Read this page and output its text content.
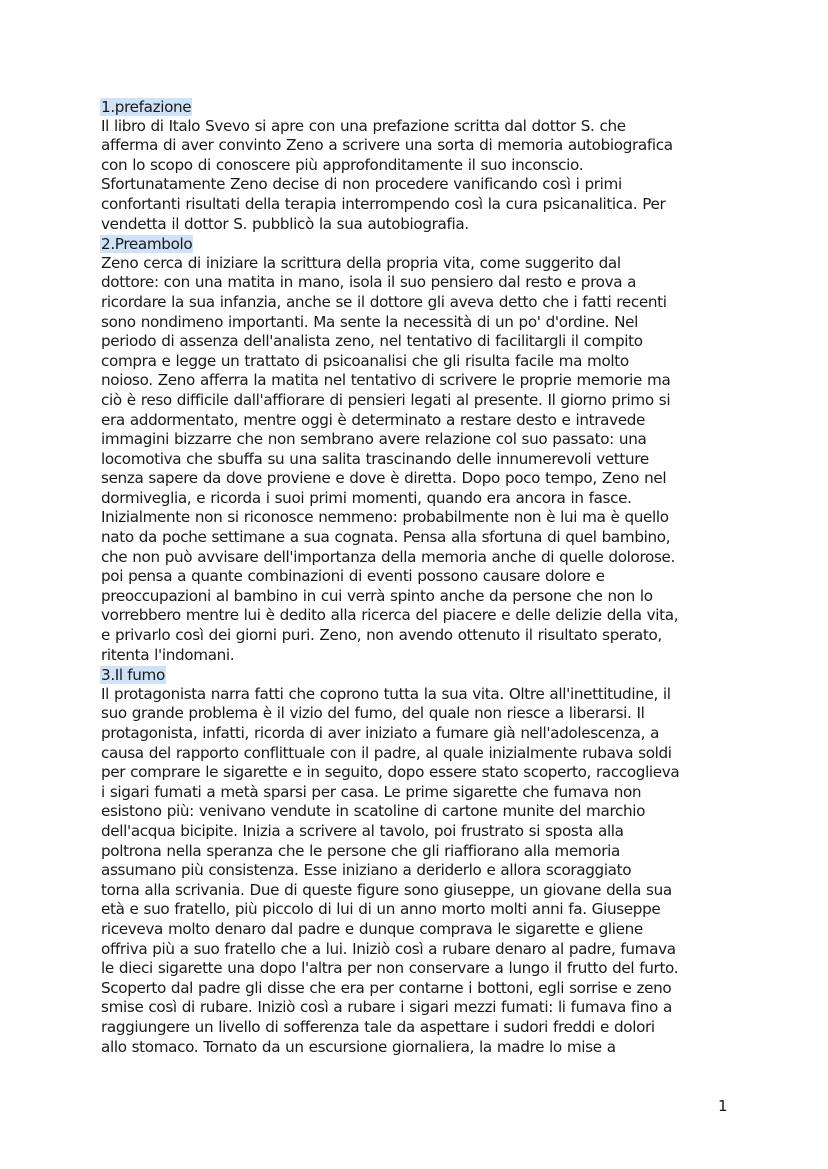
1.prefazione
Il libro di Italo Svevo si apre con una prefazione scritta dal dottor S. che
afferma di aver convinto Zeno a scrivere una sorta di memoria autobiografica
con lo scopo di conoscere più approfonditamente il suo inconscio.
Sfortunatamente Zeno decise di non procedere vanificando così i primi
confortanti risultati della terapia interrompendo così la cura psicanalitica. Per
vendetta il dottor S. pubblicò la sua autobiografia.
2.Preambolo
Zeno cerca di iniziare la scrittura della propria vita, come suggerito dal
dottore: con una matita in mano, isola il suo pensiero dal resto e prova a
ricordare la sua infanzia, anche se il dottore gli aveva detto che i fatti recenti
sono nondimeno importanti. Ma sente la necessità di un po' d'ordine. Nel
periodo di assenza dell'analista zeno, nel tentativo di facilitargli il compito
compra e legge un trattato di psicoanalisi che gli risulta facile ma molto
noioso. Zeno afferra la matita nel tentativo di scrivere le proprie memorie ma
ciò è reso difficile dall'affiorare di pensieri legati al presente. Il giorno primo si
era addormentato, mentre oggi è determinato a restare desto e intravede
immagini bizzarre che non sembrano avere relazione col suo passato: una
locomotiva che sbuffa su una salita trascinando delle innumerevoli vetture
senza sapere da dove proviene e dove è diretta. Dopo poco tempo, Zeno nel
dormiveglia, e ricorda i suoi primi momenti, quando era ancora in fasce.
Inizialmente non si riconosce nemmeno: probabilmente non è lui ma è quello
nato da poche settimane a sua cognata. Pensa alla sfortuna di quel bambino,
che non può avvisare dell'importanza della memoria anche di quelle dolorose.
poi pensa a quante combinazioni di eventi possono causare dolore e
preoccupazioni al bambino in cui verrà spinto anche da persone che non lo
vorrebbero mentre lui è dedito alla ricerca del piacere e delle delizie della vita,
e privarlo così dei giorni puri. Zeno, non avendo ottenuto il risultato sperato,
ritenta l'indomani.
3.Il fumo
Il protagonista narra fatti che coprono tutta la sua vita. Oltre all'inettitudine, il
suo grande problema è il vizio del fumo, del quale non riesce a liberarsi. Il
protagonista, infatti, ricorda di aver iniziato a fumare già nell'adolescenza, a
causa del rapporto conflittuale con il padre, al quale inizialmente rubava soldi
per comprare le sigarette e in seguito, dopo essere stato scoperto, raccoglieva
i sigari fumati a metà sparsi per casa. Le prime sigarette che fumava non
esistono più: venivano vendute in scatoline di cartone munite del marchio
dell'acqua bicipite. Inizia a scrivere al tavolo, poi frustrato si sposta alla
poltrona nella speranza che le persone che gli riaffiorano alla memoria
assumano più consistenza. Esse iniziano a deriderlo e allora scoraggiato
torna alla scrivania. Due di queste figure sono giuseppe, un giovane della sua
età e suo fratello, più piccolo di lui di un anno morto molti anni fa. Giuseppe
riceveva molto denaro dal padre e dunque comprava le sigarette e gliene
offriva più a suo fratello che a lui. Iniziò così a rubare denaro al padre, fumava
le dieci sigarette una dopo l'altra per non conservare a lungo il frutto del furto.
Scoperto dal padre gli disse che era per contarne i bottoni, egli sorrise e zeno
smise così di rubare. Iniziò così a rubare i sigari mezzi fumati: li fumava fino a
raggiungere un livello di sofferenza tale da aspettare i sudori freddi e dolori
allo stomaco. Tornato da un escursione giornaliera, la madre lo mise a
1
